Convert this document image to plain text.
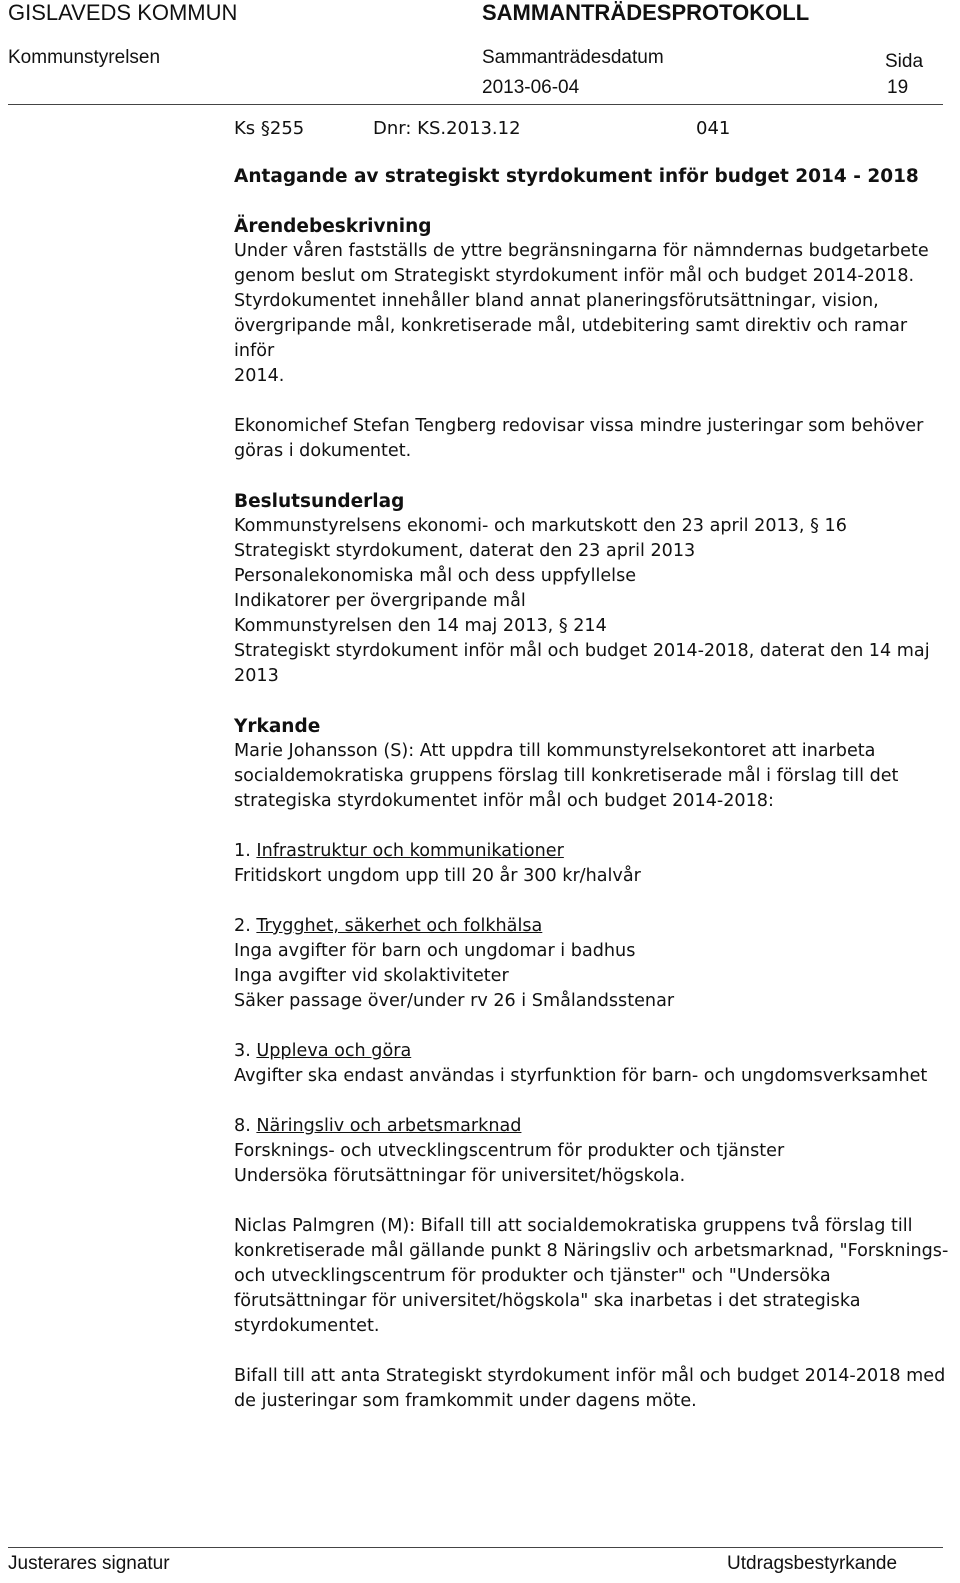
GISLAVEDS KOMMUN	SAMMANTRÄDESPROTOKOLL
Kommunstyrelsen	Sammanträdesdatum
2013-06-04
Sida
19
Ks §255	Dnr: KS.2013.12	041

Antagande av strategiskt styrdokument inför budget 2014 - 2018

Ärendebeskrivning

Under våren fastställs de yttre begränsningarna för nämndernas budgetarbete

genom beslut om Strategiskt styrdokument inför mål och budget 2014-2018.

Styrdokumentet innehåller bland annat planeringsförutsättningar, vision,

övergripande mål, konkretiserade mål, utdebitering samt direktiv och ramar inför

2014.

Ekonomichef Stefan Tengberg redovisar vissa mindre justeringar som behöver

göras i dokumentet.

Beslutsunderlag

Kommunstyrelsens ekonomi- och markutskott den 23 april 2013, § 16

Strategiskt styrdokument, daterat den 23 april 2013

Personalekonomiska mål och dess uppfyllelse

Indikatorer per övergripande mål

Kommunstyrelsen den 14 maj 2013, § 214

Strategiskt styrdokument inför mål och budget 2014-2018, daterat den 14 maj

2013

Yrkande

Marie Johansson (S): Att uppdra till kommunstyrelsekontoret att inarbeta

socialdemokratiska gruppens förslag till konkretiserade mål i förslag till det

strategiska styrdokumentet inför mål och budget 2014-2018:

1. Infrastruktur och kommunikationer

Fritidskort ungdom upp till 20 år 300 kr/halvår

2. Trygghet, säkerhet och folkhälsa

Inga avgifter för barn och ungdomar i badhus

Inga avgifter vid skolaktiviteter

Säker passage över/under rv 26 i Smålandsstenar

3. Uppleva och göra

Avgifter ska endast användas i styrfunktion för barn- och ungdomsverksamhet

8. Näringsliv och arbetsmarknad

Forsknings- och utvecklingscentrum för produkter och tjänster

Undersöka förutsättningar för universitet/högskola.

Niclas Palmgren (M): Bifall till att socialdemokratiska gruppens två förslag till

konkretiserade mål gällande punkt 8 Näringsliv och arbetsmarknad, "Forsknings-

och utvecklingscentrum för produkter och tjänster" och "Undersöka

förutsättningar för universitet/högskola" ska inarbetas i det strategiska

styrdokumentet.

Bifall till att anta Strategiskt styrdokument inför mål och budget 2014-2018 med

de justeringar som framkommit under dagens möte.

Justerares signatur	Utdragsbestyrkande
